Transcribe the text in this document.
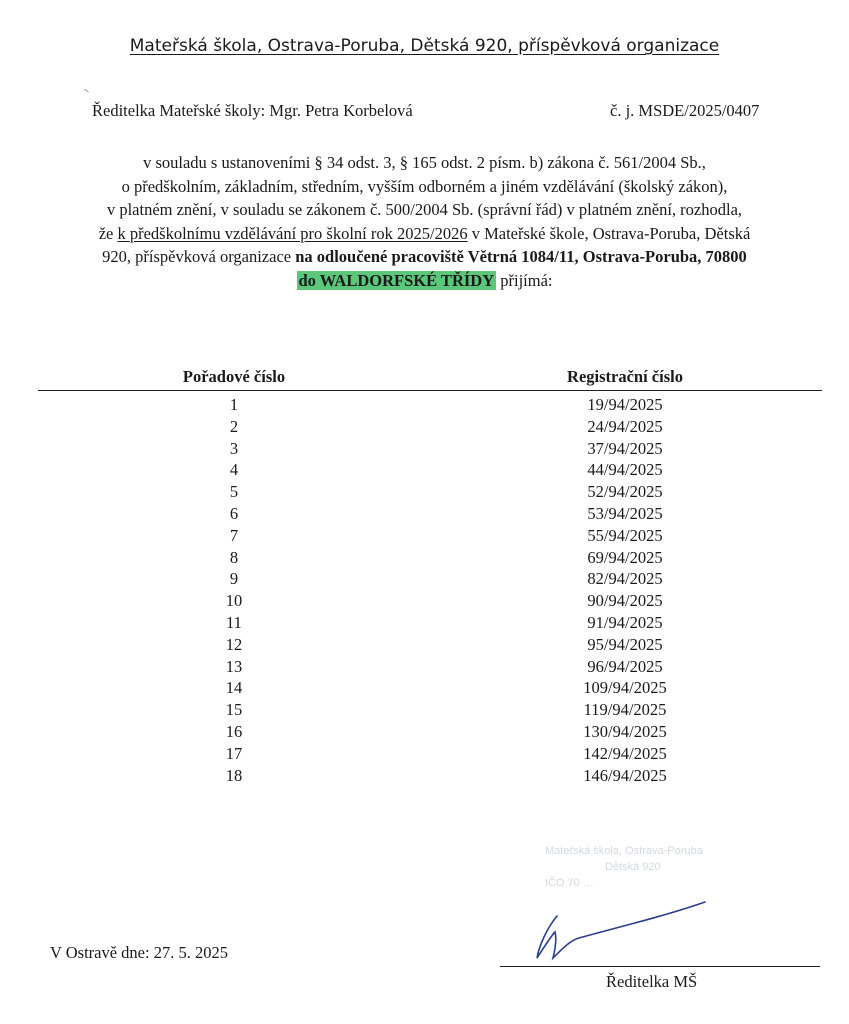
Mateřská škola, Ostrava-Poruba, Dětská 920, příspěvková organizace
Ředitelka Mateřské školy: Mgr. Petra Korbelová	č. j. MSDE/2025/0407
v souladu s ustanoveními § 34 odst. 3, § 165 odst. 2 písm. b) zákona č. 561/2004 Sb.,
o předškolním, základním, středním, vyšším odborném a jiném vzdělávání (školský zákon),
v platném znění, v souladu se zákonem č. 500/2004 Sb. (správní řád) v platném znění, rozhodla,
že k předškolnímu vzdělávání pro školní rok 2025/2026 v Mateřské škole, Ostrava-Poruba, Dětská
920, příspěvková organizace na odloučené pracoviště Větrná 1084/11, Ostrava-Poruba, 70800
do WALDORFSKÉ TŘÍDY přijímá:
Pořadové číslo	Registrační číslo
1	19/94/2025
2	24/94/2025
3	37/94/2025
4	44/94/2025
5	52/94/2025
6	53/94/2025
7	55/94/2025
8	69/94/2025
9	82/94/2025
10	90/94/2025
11	91/94/2025
12	95/94/2025
13	96/94/2025
14	109/94/2025
15	119/94/2025
16	130/94/2025
17	142/94/2025
18	146/94/2025
Mateřská škola, Ostrava-Poruba
Dětská 920
IČO 70 …
V Ostravě dne: 27. 5. 2025
Ředitelka MŠ
